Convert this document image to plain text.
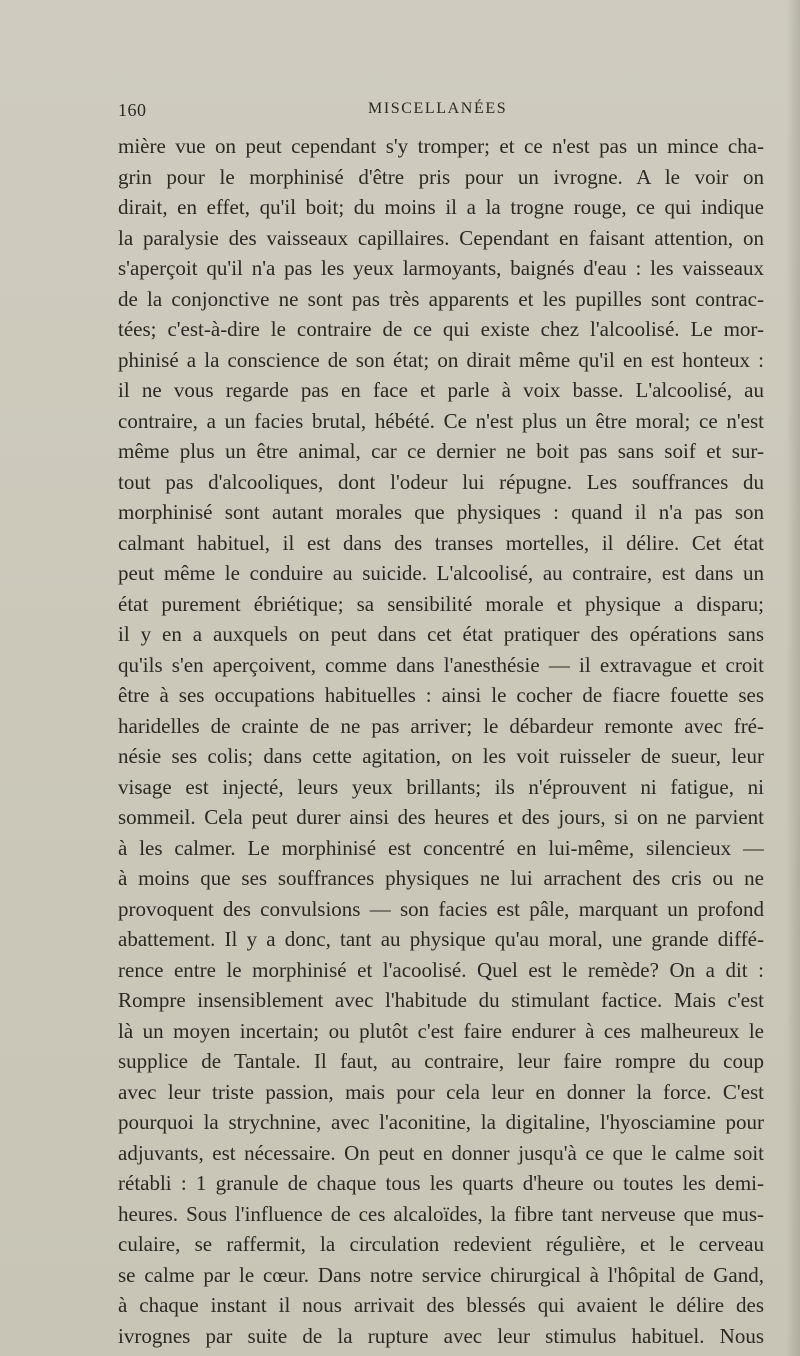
160	MISCELLANÉES
mière vue on peut cependant s'y tromper; et ce n'est pas un mince cha-
grin pour le morphinisé d'être pris pour un ivrogne. A le voir on
dirait, en effet, qu'il boit; du moins il a la trogne rouge, ce qui indique
la paralysie des vaisseaux capillaires. Cependant en faisant attention, on
s'aperçoit qu'il n'a pas les yeux larmoyants, baignés d'eau : les vaisseaux
de la conjonctive ne sont pas très apparents et les pupilles sont contrac-
tées; c'est-à-dire le contraire de ce qui existe chez l'alcoolisé. Le mor-
phinisé a la conscience de son état; on dirait même qu'il en est honteux :
il ne vous regarde pas en face et parle à voix basse. L'alcoolisé, au
contraire, a un facies brutal, hébété. Ce n'est plus un être moral; ce n'est
même plus un être animal, car ce dernier ne boit pas sans soif et sur-
tout pas d'alcooliques, dont l'odeur lui répugne. Les souffrances du
morphinisé sont autant morales que physiques : quand il n'a pas son
calmant habituel, il est dans des transes mortelles, il délire. Cet état
peut même le conduire au suicide. L'alcoolisé, au contraire, est dans un
état purement ébriétique; sa sensibilité morale et physique a disparu;
il y en a auxquels on peut dans cet état pratiquer des opérations sans
qu'ils s'en aperçoivent, comme dans l'anesthésie — il extravague et croit
être à ses occupations habituelles : ainsi le cocher de fiacre fouette ses
haridelles de crainte de ne pas arriver; le débardeur remonte avec fré-
nésie ses colis; dans cette agitation, on les voit ruisseler de sueur, leur
visage est injecté, leurs yeux brillants; ils n'éprouvent ni fatigue, ni
sommeil. Cela peut durer ainsi des heures et des jours, si on ne parvient
à les calmer. Le morphinisé est concentré en lui-même, silencieux —
à moins que ses souffrances physiques ne lui arrachent des cris ou ne
provoquent des convulsions — son facies est pâle, marquant un profond
abattement. Il y a donc, tant au physique qu'au moral, une grande diffé-
rence entre le morphinisé et l'acoolisé. Quel est le remède? On a dit :
Rompre insensiblement avec l'habitude du stimulant factice. Mais c'est
là un moyen incertain; ou plutôt c'est faire endurer à ces malheureux le
supplice de Tantale. Il faut, au contraire, leur faire rompre du coup
avec leur triste passion, mais pour cela leur en donner la force. C'est
pourquoi la strychnine, avec l'aconitine, la digitaline, l'hyosciamine pour
adjuvants, est nécessaire. On peut en donner jusqu'à ce que le calme soit
rétabli : 1 granule de chaque tous les quarts d'heure ou toutes les demi-
heures. Sous l'influence de ces alcaloïdes, la fibre tant nerveuse que mus-
culaire, se raffermit, la circulation redevient régulière, et le cerveau
se calme par le cœur. Dans notre service chirurgical à l'hôpital de Gand,
à chaque instant il nous arrivait des blessés qui avaient le délire des
ivrognes par suite de la rupture avec leur stimulus habituel. Nous
